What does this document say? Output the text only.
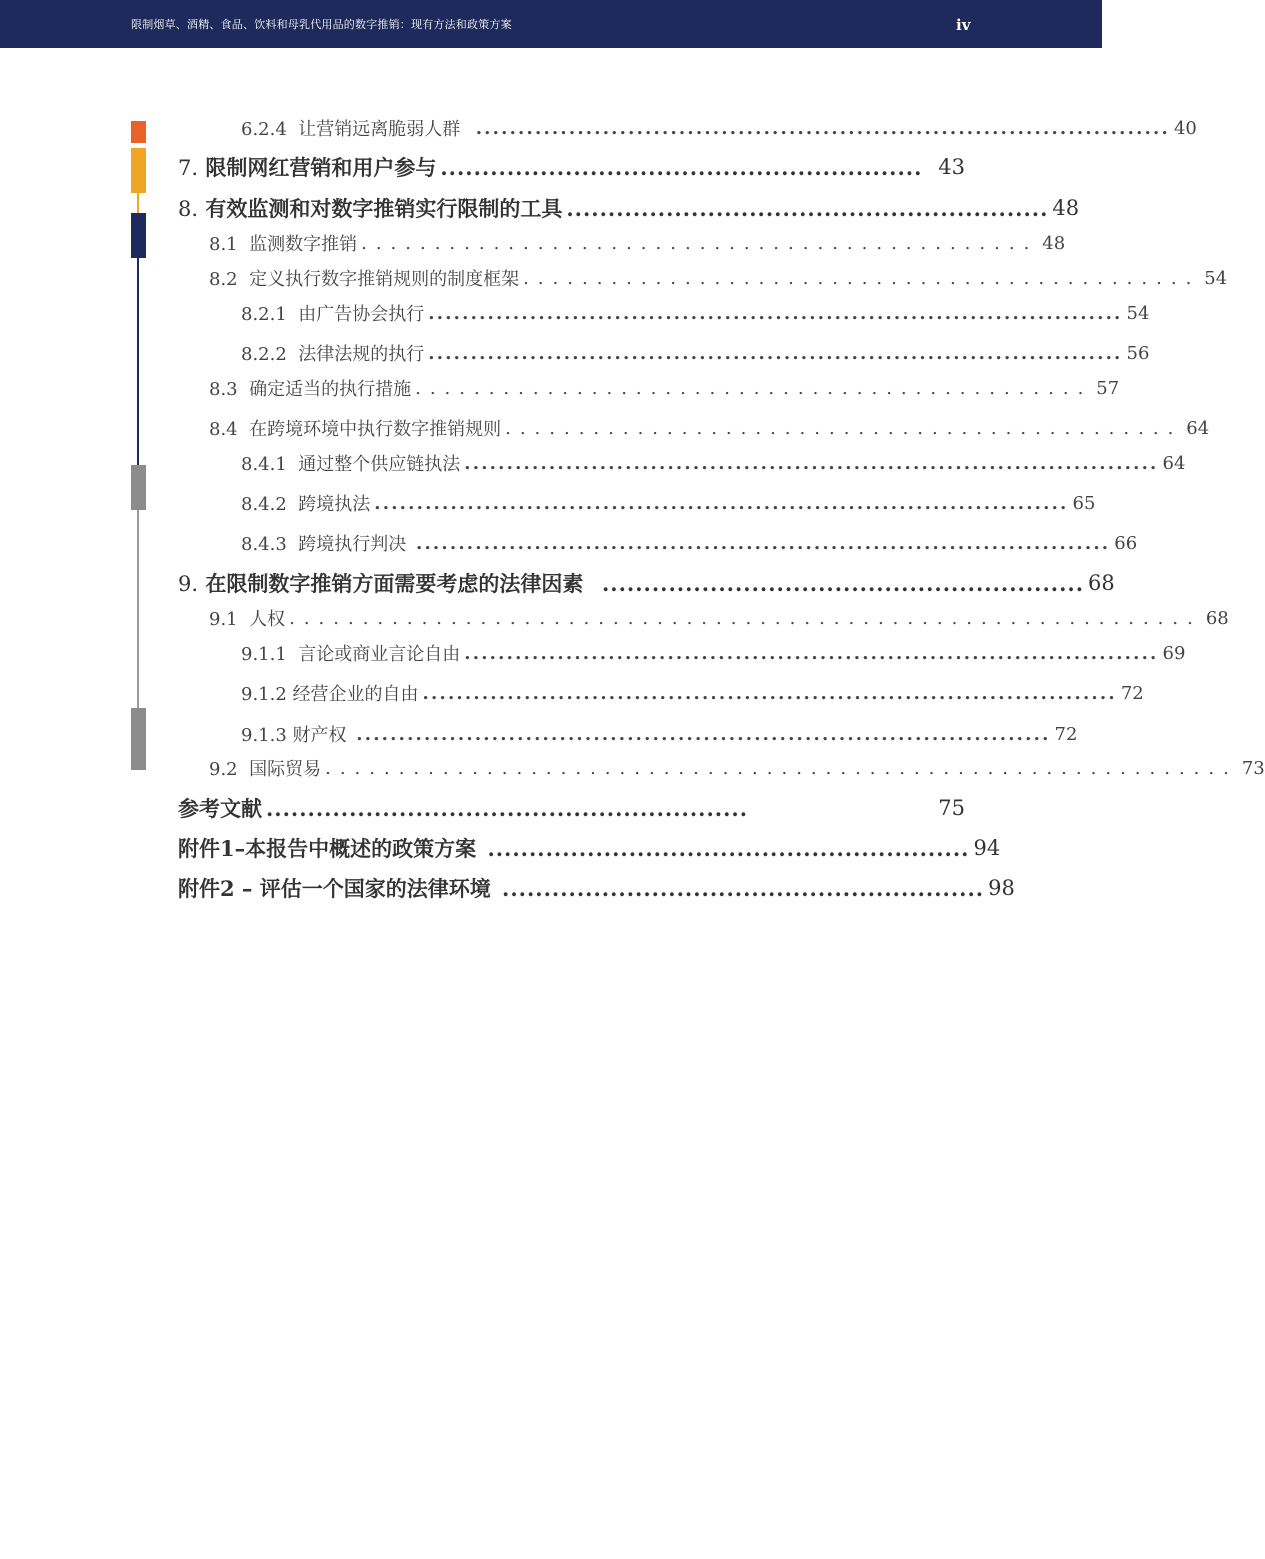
限制烟草、酒精、食品、饮料和母乳代用品的数字推销：现有方法和政策方案	iv
6.2.4 让营销远离脆弱人群 .................................................................................. 40
7. 限制网红营销和用户参与 .......................................................... 43
8. 有效监测和对数字推销实行限制的工具 .......................................................... 48
8.1 监测数字推销 .............................................. 48
8.2 定义执行数字推销规则的制度框架 .............................................. 54
8.2.1 由广告协会执行 .................................................................................. 54
8.2.2 法律法规的执行 .................................................................................. 56
8.3 确定适当的执行措施 .............................................. 57
8.4 在跨境环境中执行数字推销规则 .............................................. 64
8.4.1 通过整个供应链执法 .................................................................................. 64
8.4.2 跨境执法 .................................................................................. 65
8.4.3 跨境执行判决 .................................................................................. 66
9. 在限制数字推销方面需要考虑的法律因素 .......................................................... 68
9.1 人权 .............................................................. 68
9.1.1 言论或商业言论自由 .................................................................................. 69
9.1.2 经营企业的自由 .................................................................................. 72
9.1.3 财产权 .................................................................................. 72
9.2 国际贸易 .............................................................. 73
参考文献 ..........................................................	75
附件1–本报告中概述的政策方案 .......................................................... 94
附件2 – 评估一个国家的法律环境 .......................................................... 98
